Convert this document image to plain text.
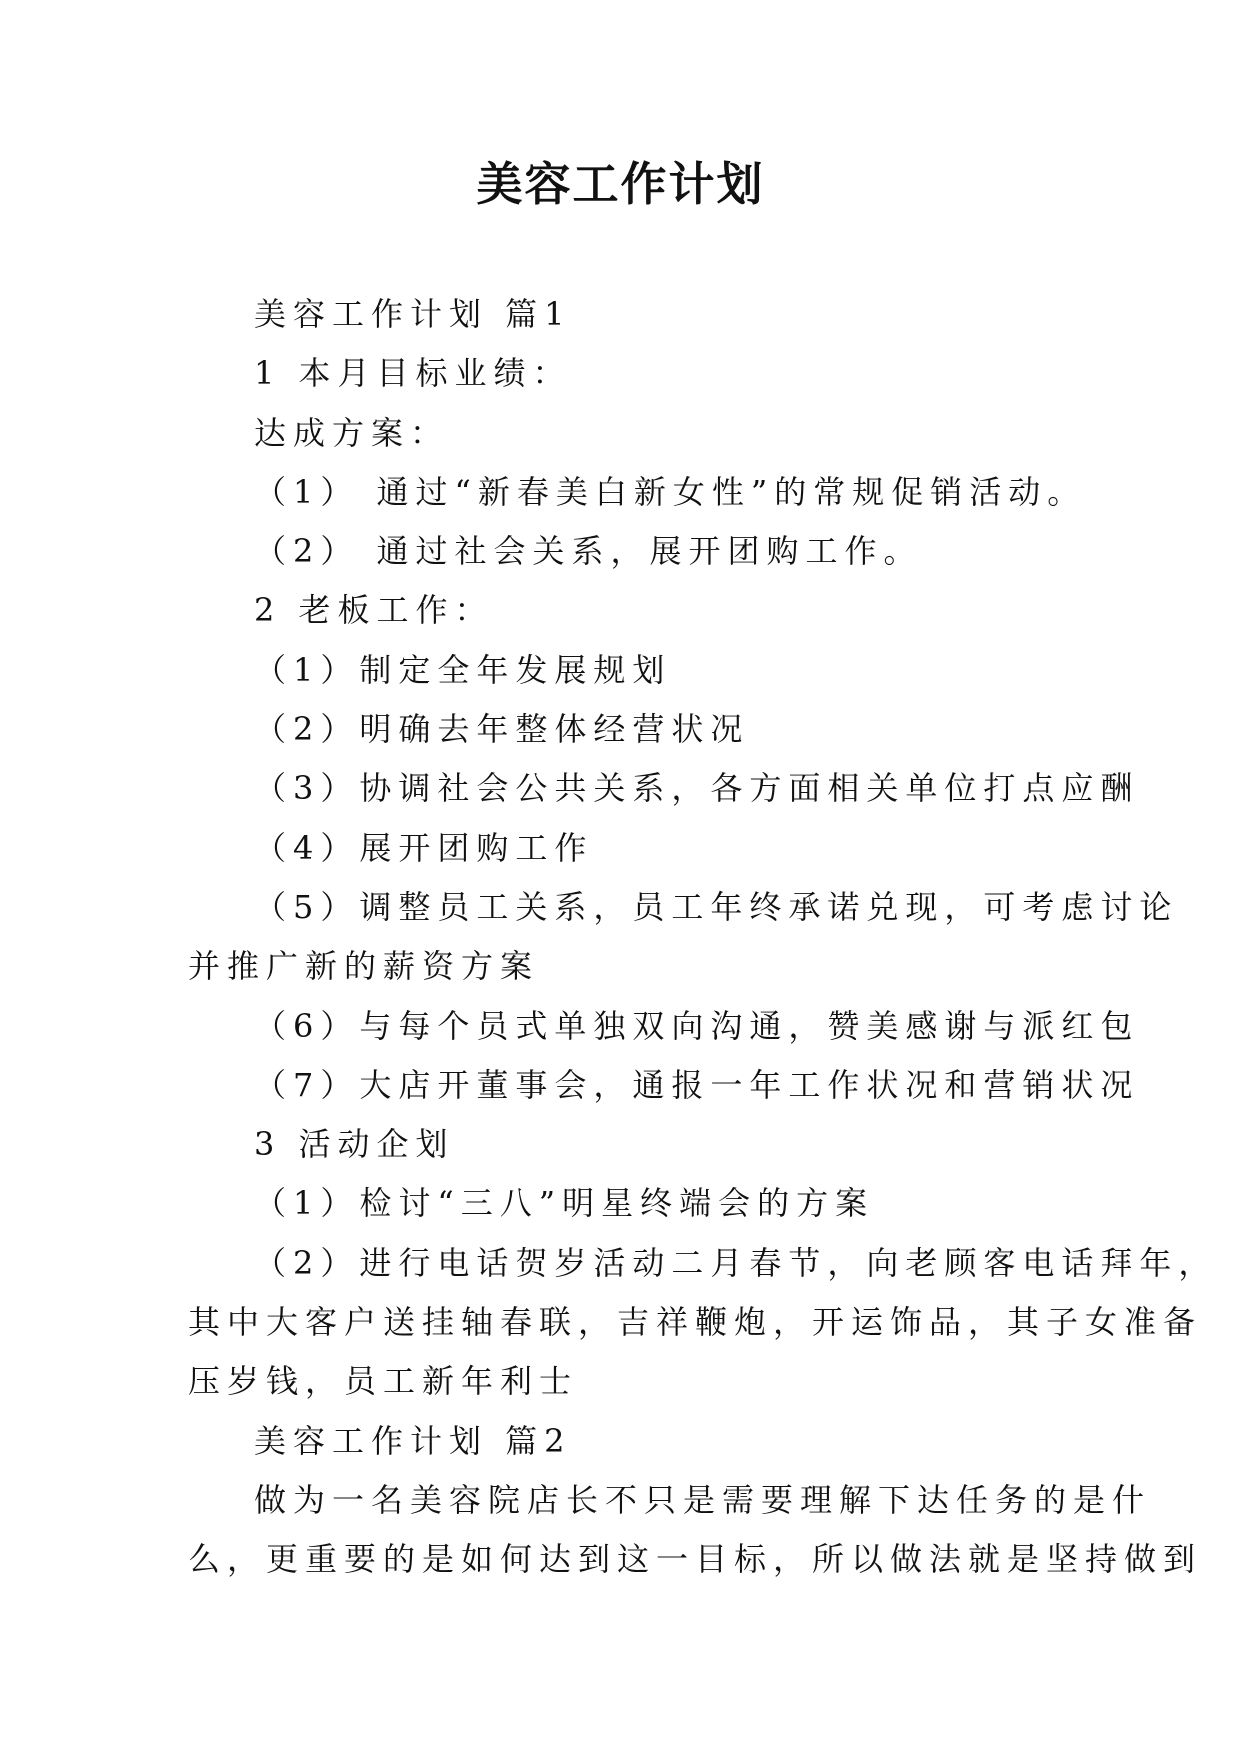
美容工作计划
美容工作计划 篇1
1 本月目标业绩：
达成方案：
（1） 通过“新春美白新女性”的常规促销活动。
（2） 通过社会关系，展开团购工作。
2 老板工作：
（1）制定全年发展规划
（2）明确去年整体经营状况
（3）协调社会公共关系，各方面相关单位打点应酬
（4）展开团购工作
（5）调整员工关系，员工年终承诺兑现，可考虑讨论
并推广新的薪资方案
（6）与每个员式单独双向沟通，赞美感谢与派红包
（7）大店开董事会，通报一年工作状况和营销状况
3 活动企划
（1）检讨“三八”明星终端会的方案
（2）进行电话贺岁活动二月春节，向老顾客电话拜年，
其中大客户送挂轴春联，吉祥鞭炮，开运饰品，其子女准备
压岁钱，员工新年利士
美容工作计划 篇2
做为一名美容院店长不只是需要理解下达任务的是什
么，更重要的是如何达到这一目标，所以做法就是坚持做到
